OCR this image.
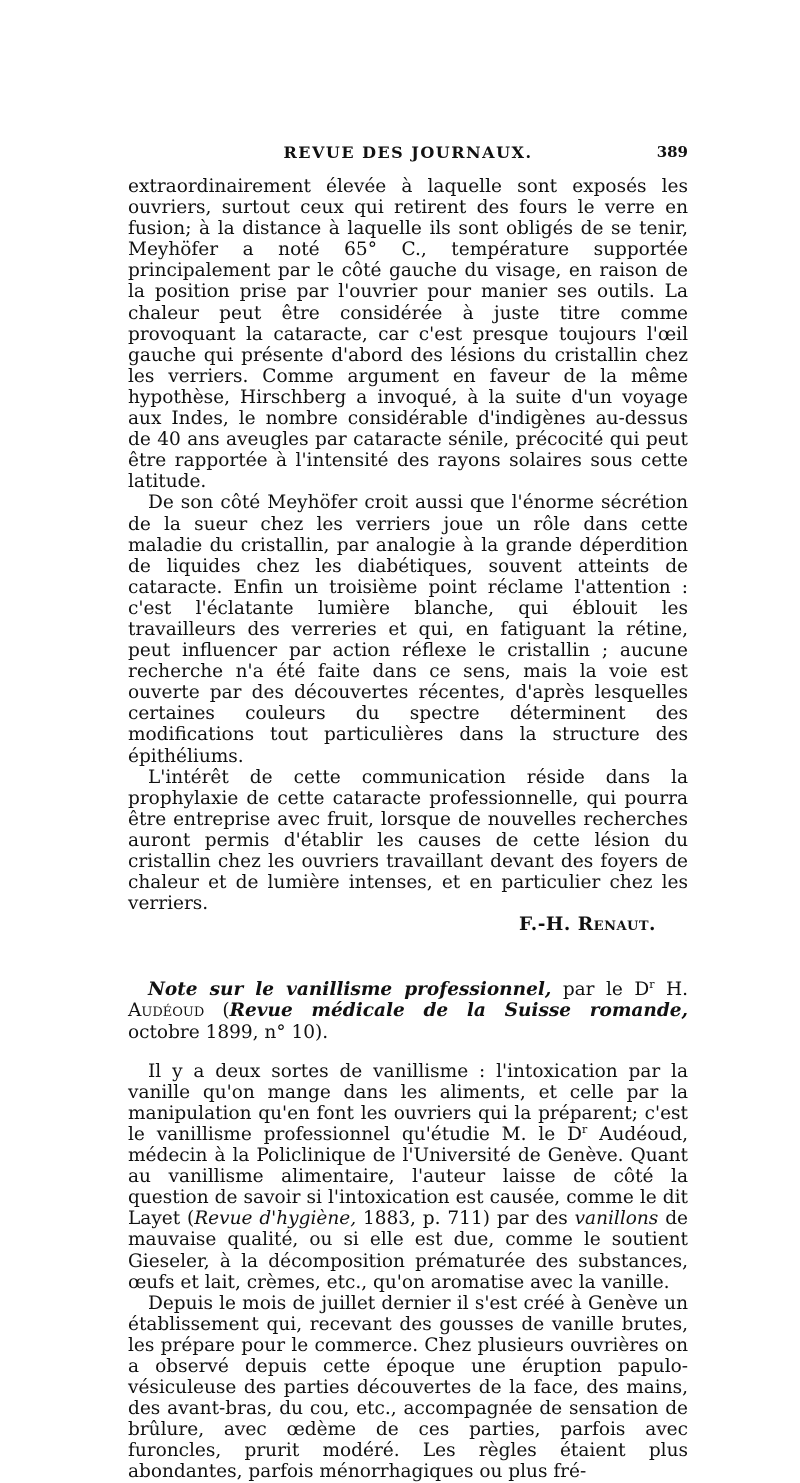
REVUE DES JOURNAUX.	389

extraordinairement élevée à laquelle sont exposés les ouvriers, surtout ceux qui retirent des fours le verre en fusion; à la distance à laquelle ils sont obligés de se tenir, Meyhöfer a noté 65° C., température supportée principalement par le côté gauche du visage, en raison de la position prise par l'ouvrier pour manier ses outils. La chaleur peut être considérée à juste titre comme provoquant la cataracte, car c'est presque toujours l'œil gauche qui présente d'abord des lésions du cristallin chez les verriers. Comme argument en faveur de la même hypothèse, Hirschberg a invoqué, à la suite d'un voyage aux Indes, le nombre considérable d'indigènes au-dessus de 40 ans aveugles par cataracte sénile, précocité qui peut être rapportée à l'intensité des rayons solaires sous cette latitude.

De son côté Meyhöfer croit aussi que l'énorme sécrétion de la sueur chez les verriers joue un rôle dans cette maladie du cristallin, par analogie à la grande déperdition de liquides chez les diabétiques, souvent atteints de cataracte. Enfin un troisième point réclame l'attention : c'est l'éclatante lumière blanche, qui éblouit les travailleurs des verreries et qui, en fatiguant la rétine, peut influencer par action réflexe le cristallin ; aucune recherche n'a été faite dans ce sens, mais la voie est ouverte par des découvertes récentes, d'après lesquelles certaines couleurs du spectre déterminent des modifications tout particulières dans la structure des épithéliums.

L'intérêt de cette communication réside dans la prophylaxie de cette cataracte professionnelle, qui pourra être entreprise avec fruit, lorsque de nouvelles recherches auront permis d'établir les causes de cette lésion du cristallin chez les ouvriers travaillant devant des foyers de chaleur et de lumière intenses, et en particulier chez les verriers.

F.-H. Renaut.

Note sur le vanillisme professionnel, par le $D^r$ H. Audéoud (Revue médicale de la Suisse romande, octobre 1899, n° 10).

Il y a deux sortes de vanillisme : l'intoxication par la vanille qu'on mange dans les aliments, et celle par la manipulation qu'en font les ouvriers qui la préparent; c'est le vanillisme professionnel qu'étudie M. le $D^r$ Audéoud, médecin à la Policlinique de l'Université de Genève. Quant au vanillisme alimentaire, l'auteur laisse de côté la question de savoir si l'intoxication est causée, comme le dit Layet (Revue d'hygiène, 1883, p. 711) par des vanillons de mauvaise qualité, ou si elle est due, comme le soutient Gieseler, à la décomposition prématurée des substances, œufs et lait, crèmes, etc., qu'on aromatise avec la vanille.

Depuis le mois de juillet dernier il s'est créé à Genève un établissement qui, recevant des gousses de vanille brutes, les prépare pour le commerce. Chez plusieurs ouvrières on a observé depuis cette époque une éruption papulo-vésiculeuse des parties découvertes de la face, des mains, des avant-bras, du cou, etc., accompagnée de sensation de brûlure, avec œdème de ces parties, parfois avec furoncles, prurit modéré. Les règles étaient plus abondantes, parfois ménorrhagiques ou plus fré-
